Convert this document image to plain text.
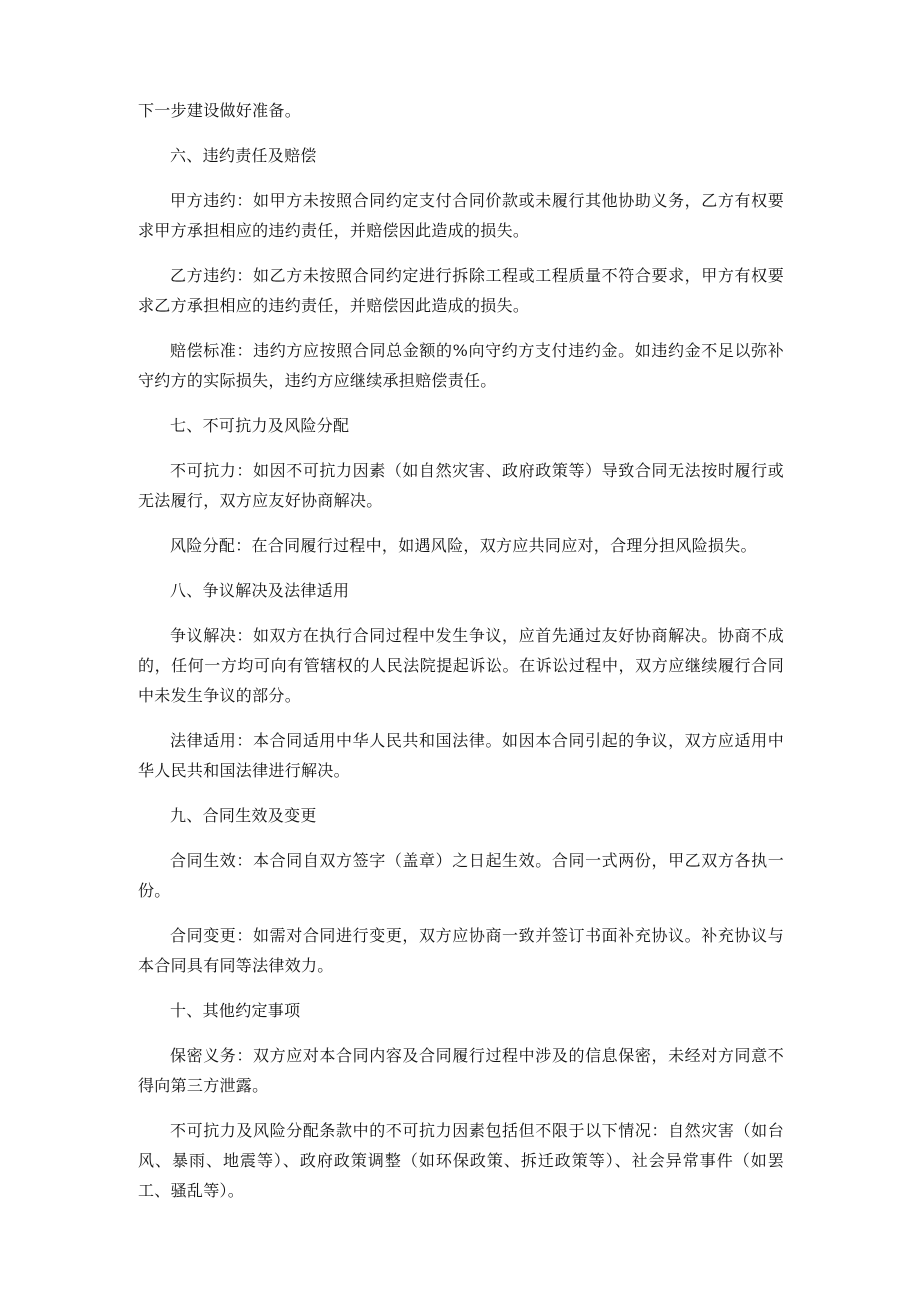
下一步建设做好准备。

六、违约责任及赔偿

甲方违约：如甲方未按照合同约定支付合同价款或未履行其他协助义务，乙方有权要求甲方承担相应的违约责任，并赔偿因此造成的损失。

乙方违约：如乙方未按照合同约定进行拆除工程或工程质量不符合要求，甲方有权要求乙方承担相应的违约责任，并赔偿因此造成的损失。

赔偿标准：违约方应按照合同总金额的%向守约方支付违约金。如违约金不足以弥补守约方的实际损失，违约方应继续承担赔偿责任。

七、不可抗力及风险分配

不可抗力：如因不可抗力因素（如自然灾害、政府政策等）导致合同无法按时履行或无法履行，双方应友好协商解决。

风险分配：在合同履行过程中，如遇风险，双方应共同应对，合理分担风险损失。

八、争议解决及法律适用

争议解决：如双方在执行合同过程中发生争议，应首先通过友好协商解决。协商不成的，任何一方均可向有管辖权的人民法院提起诉讼。在诉讼过程中，双方应继续履行合同中未发生争议的部分。

法律适用：本合同适用中华人民共和国法律。如因本合同引起的争议，双方应适用中华人民共和国法律进行解决。

九、合同生效及变更

合同生效：本合同自双方签字（盖章）之日起生效。合同一式两份，甲乙双方各执一份。

合同变更：如需对合同进行变更，双方应协商一致并签订书面补充协议。补充协议与本合同具有同等法律效力。

十、其他约定事项

保密义务：双方应对本合同内容及合同履行过程中涉及的信息保密，未经对方同意不得向第三方泄露。

不可抗力及风险分配条款中的不可抗力因素包括但不限于以下情况：自然灾害（如台风、暴雨、地震等）、政府政策调整（如环保政策、拆迁政策等）、社会异常事件（如罢工、骚乱等）。
